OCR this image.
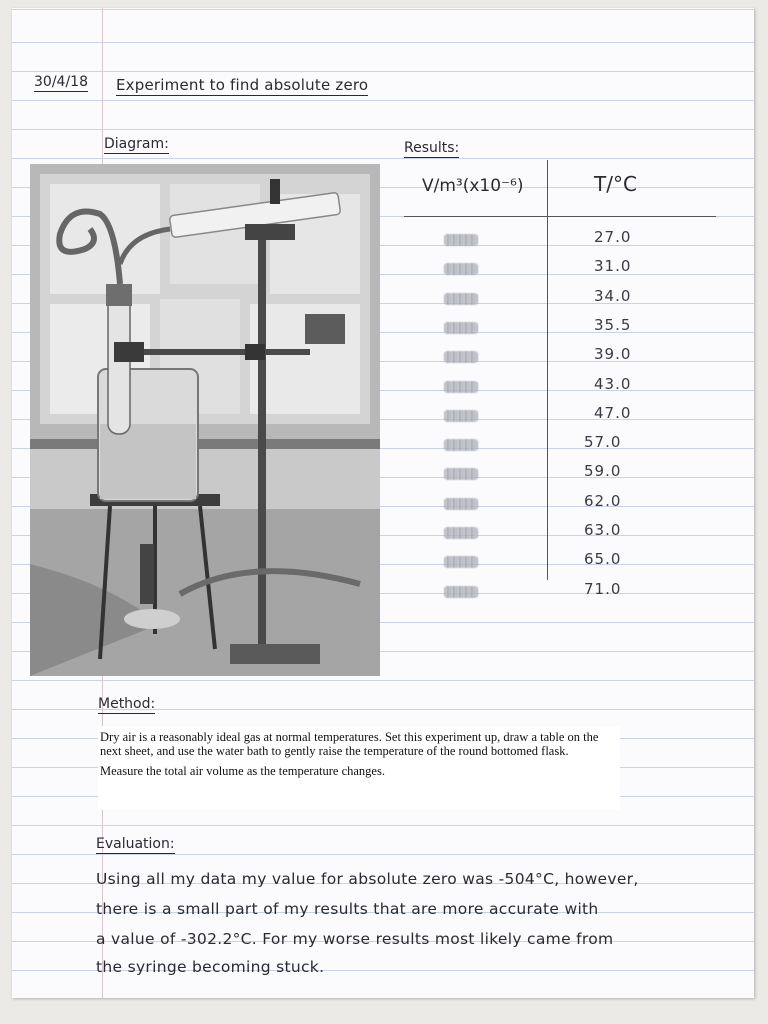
30/4/18 Experiment to find absolute zero
Diagram:	Results:
V/m³(x10⁻⁶)	T/°C
27.0
31.0
34.0
35.5
39.0
43.0
47.0
57.0
59.0
62.0
63.0
65.0
71.0
Method:

Dry air is a reasonably ideal gas at normal temperatures. Set this experiment up, draw a table on the next sheet, and use the water bath to gently raise the temperature of the round bottomed flask.

Measure the total air volume as the temperature changes.

Evaluation:
Using all my data my value for absolute zero was -504°C, however,
there is a small part of my results that are more accurate with
a value of -302.2°C. For my worse results most likely came from
the syringe becoming stuck.
